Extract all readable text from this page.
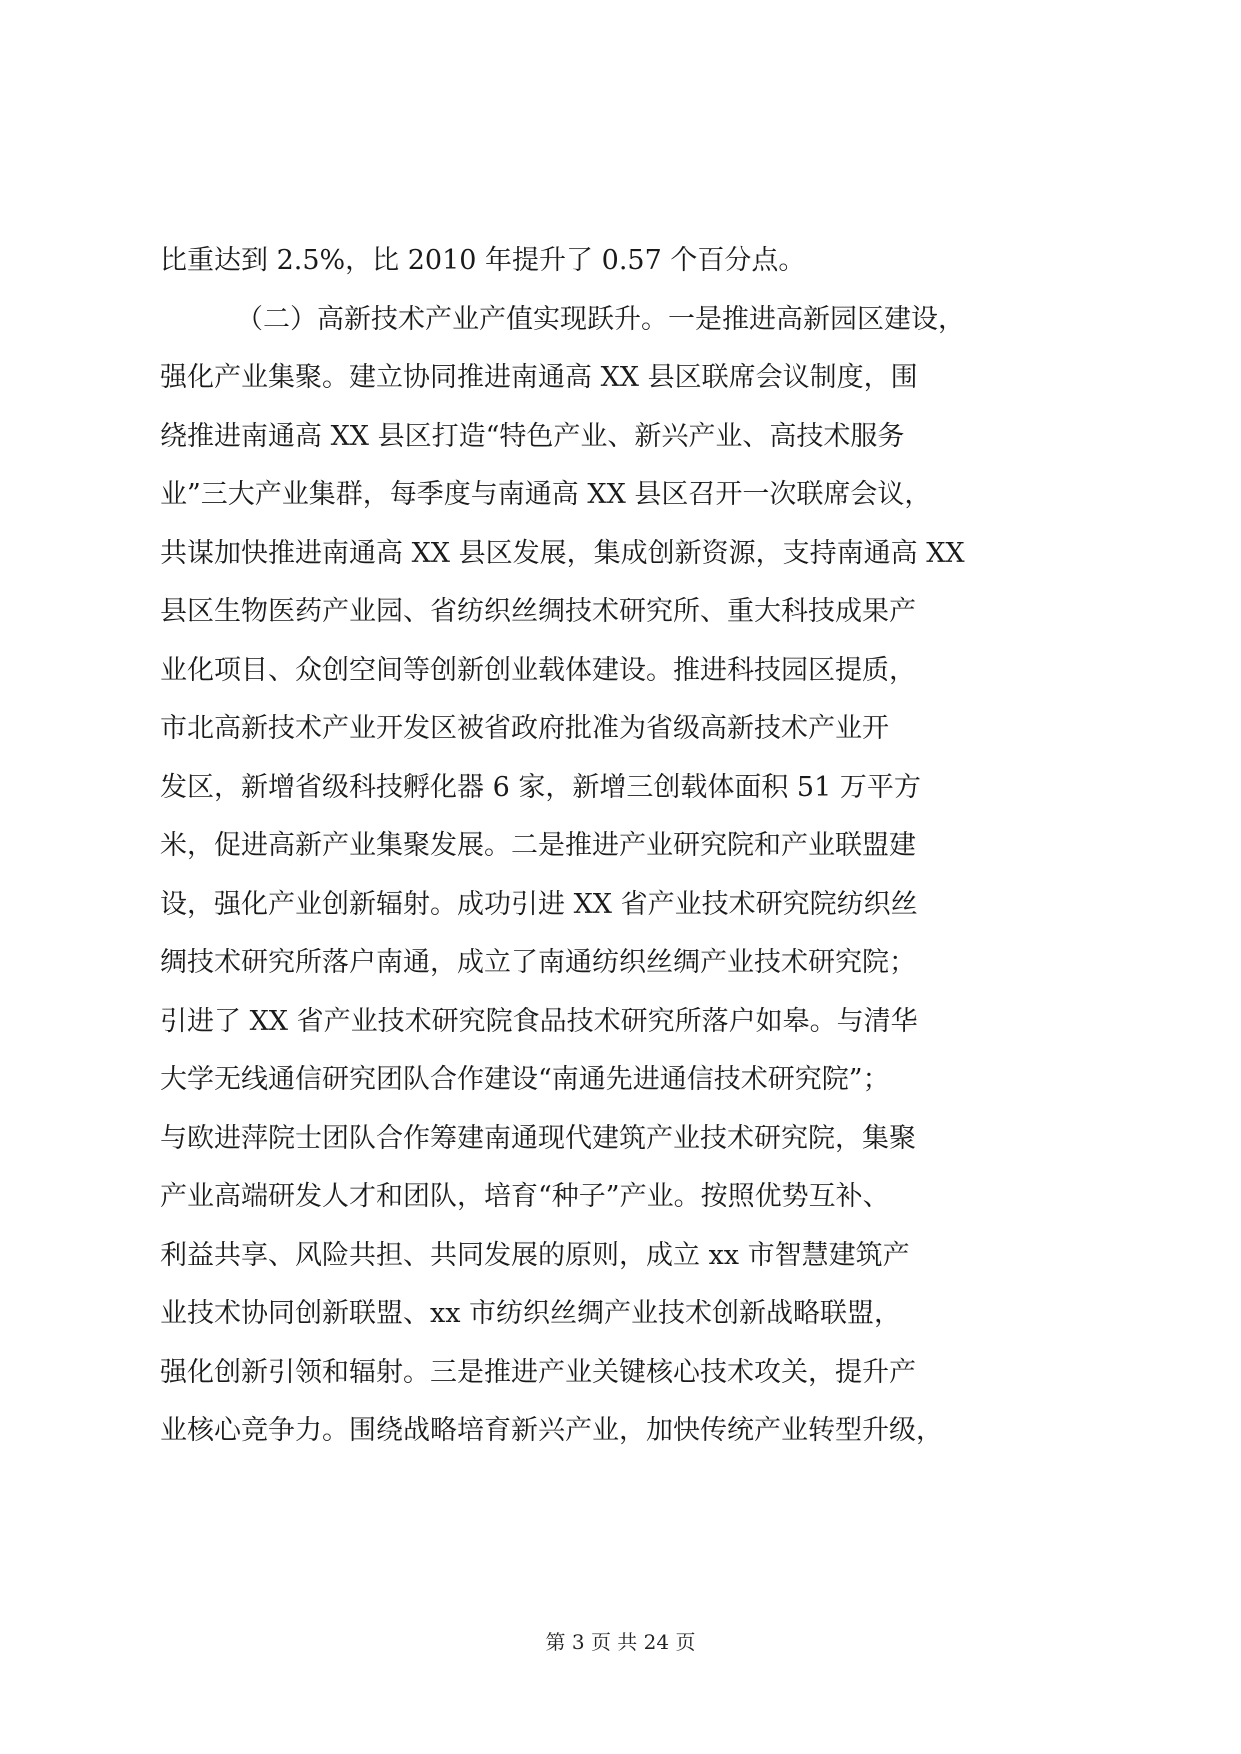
比重达到 2.5%，比 2010 年提升了 0.57 个百分点。
（二）高新技术产业产值实现跃升。一是推进高新园区建设，
强化产业集聚。建立协同推进南通高 XX 县区联席会议制度，围
绕推进南通高 XX 县区打造“特色产业、新兴产业、高技术服务
业”三大产业集群，每季度与南通高 XX 县区召开一次联席会议，
共谋加快推进南通高 XX 县区发展，集成创新资源，支持南通高 XX
县区生物医药产业园、省纺织丝绸技术研究所、重大科技成果产
业化项目、众创空间等创新创业载体建设。推进科技园区提质，
市北高新技术产业开发区被省政府批准为省级高新技术产业开
发区，新增省级科技孵化器 6 家，新增三创载体面积 51 万平方
米，促进高新产业集聚发展。二是推进产业研究院和产业联盟建
设，强化产业创新辐射。成功引进 XX 省产业技术研究院纺织丝
绸技术研究所落户南通，成立了南通纺织丝绸产业技术研究院；
引进了 XX 省产业技术研究院食品技术研究所落户如皋。与清华
大学无线通信研究团队合作建设“南通先进通信技术研究院”；
与欧进萍院士团队合作筹建南通现代建筑产业技术研究院，集聚
产业高端研发人才和团队，培育“种子”产业。按照优势互补、
利益共享、风险共担、共同发展的原则，成立 xx 市智慧建筑产
业技术协同创新联盟、xx 市纺织丝绸产业技术创新战略联盟，
强化创新引领和辐射。三是推进产业关键核心技术攻关，提升产
业核心竞争力。围绕战略培育新兴产业，加快传统产业转型升级，
第 3 页 共 24 页
